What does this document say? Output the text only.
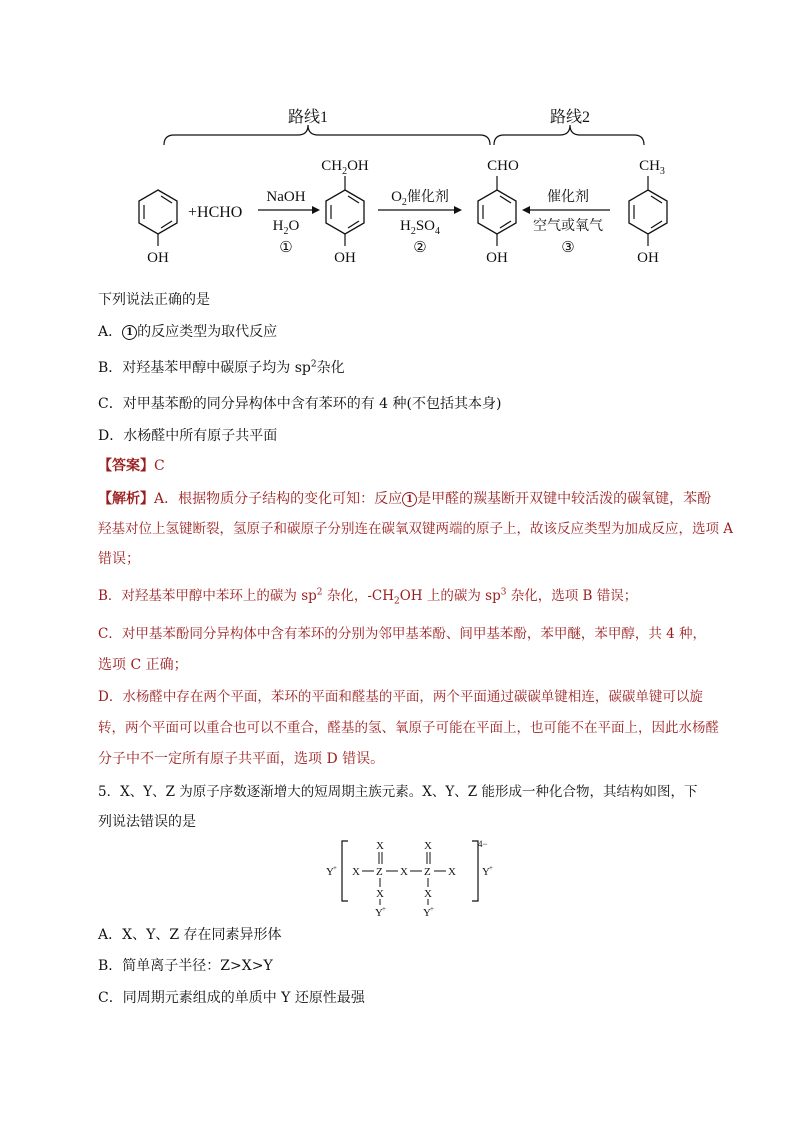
路线1	路线2
OH
+HCHO
NaOH
$H_2O$
①
$CH_2OH$
OH
$O_2$催化剂
$H_2SO_4$
②
CHO
OH
催化剂
空气或氧气
③
$CH_3$
OH
下列说法正确的是
A． 1 的反应类型为取代反应
B．对羟基苯甲醇中碳原子均为 $sp^2$杂化
C．对甲基苯酚的同分异构体中含有苯环的有 4 种(不包括其本身)
D．水杨醛中所有原子共平面
【答案】C
【解析】A．根据物质分子结构的变化可知：反应 1 是甲醛的羰基断开双键中较活泼的碳氧键，苯酚
羟基对位上氢键断裂，氢原子和碳原子分别连在碳氧双键两端的原子上，故该反应类型为加成反应，选项 A
错误；
B．对羟基苯甲醇中苯环上的碳为 $sp^2$ 杂化，$-CH_2OH$ 上的碳为 $sp^3$ 杂化，选项 B 错误；
C．对甲基苯酚同分异构体中含有苯环的分别为邻甲基苯酚、间甲基苯酚，苯甲醚，苯甲醇，共 4 种，
选项 C 正确；
D．水杨醛中存在两个平面，苯环的平面和醛基的平面，两个平面通过碳碳单键相连，碳碳单键可以旋
转，两个平面可以重合也可以不重合，醛基的氢、氧原子可能在平面上，也可能不在平面上，因此水杨醛
分子中不一定所有原子共平面，选项 D 错误。
5．X、Y、Z 为原子序数逐渐增大的短周期主族元素。X、Y、Z 能形成一种化合物，其结构如图，下
列说法错误的是
Y +
4−
Y +
X Z X Z X
X	X
X
Y +
X
Y +
A．X、Y、Z 存在同素异形体
B．简单离子半径：Z>X>Y
C．同周期元素组成的单质中 Y 还原性最强
